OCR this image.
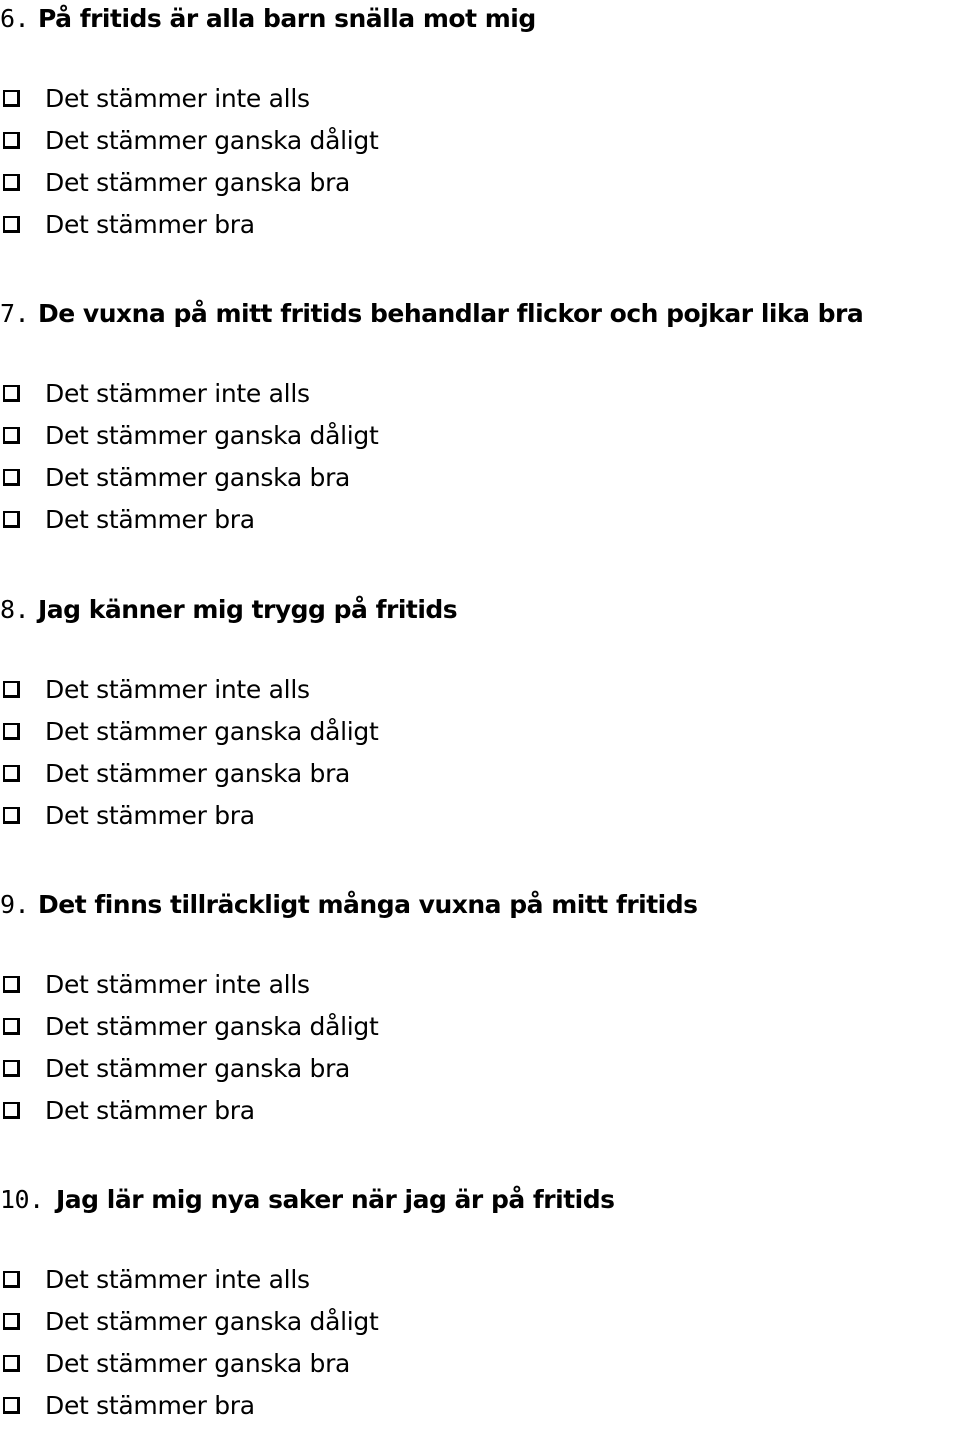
6. På fritids är alla barn snälla mot mig
Det stämmer inte alls
Det stämmer ganska dåligt
Det stämmer ganska bra
Det stämmer bra
7. De vuxna på mitt fritids behandlar flickor och pojkar lika bra
Det stämmer inte alls
Det stämmer ganska dåligt
Det stämmer ganska bra
Det stämmer bra
8. Jag känner mig trygg på fritids
Det stämmer inte alls
Det stämmer ganska dåligt
Det stämmer ganska bra
Det stämmer bra
9. Det finns tillräckligt många vuxna på mitt fritids
Det stämmer inte alls
Det stämmer ganska dåligt
Det stämmer ganska bra
Det stämmer bra
10. Jag lär mig nya saker när jag är på fritids
Det stämmer inte alls
Det stämmer ganska dåligt
Det stämmer ganska bra
Det stämmer bra
